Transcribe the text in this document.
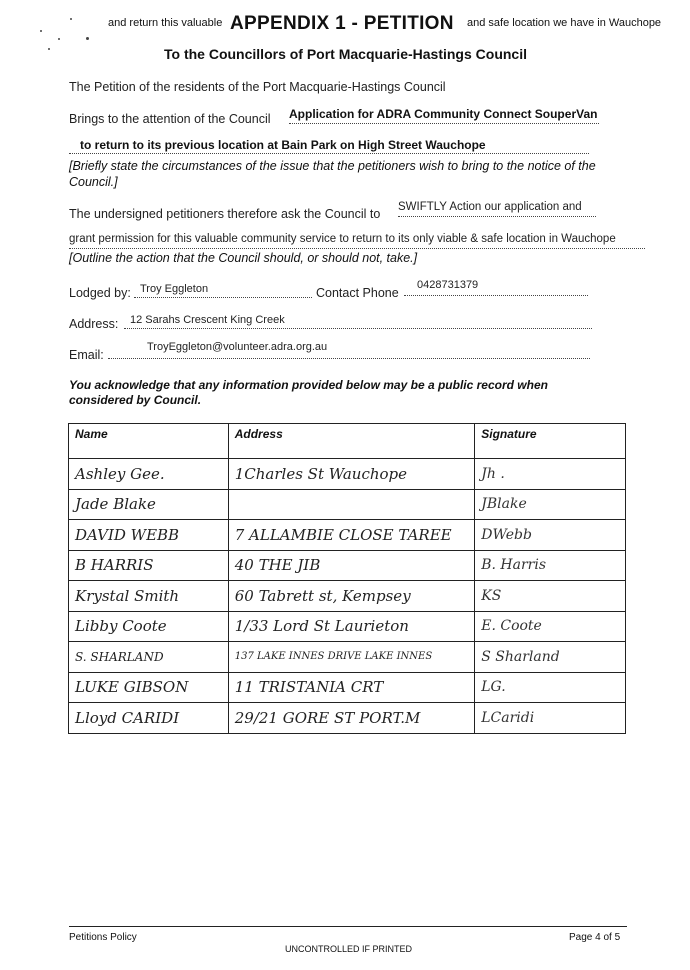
and return this valuable APPENDIX 1 - PETITION and safe location we have in Wauchope
To the Councillors of Port Macquarie-Hastings Council
The Petition of the residents of the Port Macquarie-Hastings Council
Brings to the attention of the Council Application for ADRA Community Connect SouperVan
to return to its previous location at Bain Park on High Street Wauchope
[Briefly state the circumstances of the issue that the petitioners wish to bring to the notice of the Council.]
The undersigned petitioners therefore ask the Council to SWIFTLY Action our application and
grant permission for this valuable community service to return to its only viable & safe location in Wauchope
[Outline the action that the Council should, or should not, take.]
Lodged by: Troy Eggleton	Contact Phone
0428731379
Address: 12 Sarahs Crescent King Creek
Email:
TroyEggleton@volunteer.adra.org.au
You acknowledge that any information provided below may be a public record when considered by Council.
Name	Address	Signature
Ashley Gee.	1Charles St Wauchope	Jh .
Jade Blake		JBlake
DAVID WEBB	7 ALLAMBIE CLOSE TAREE	DWebb
B HARRIS	40 THE JIB	B. Harris
Krystal Smith	60 Tabrett st, Kempsey	KS
Libby Coote	1/33 Lord St Laurieton	E. Coote
S. SHARLAND	137 LAKE INNES DRIVE LAKE INNES	S Sharland
LUKE GIBSON	11 TRISTANIA CRT	LG.
Lloyd CARIDI	29/21 GORE ST PORT.M	LCaridi
Petitions Policy
UNCONTROLLED IF PRINTED
Page 4 of 5
